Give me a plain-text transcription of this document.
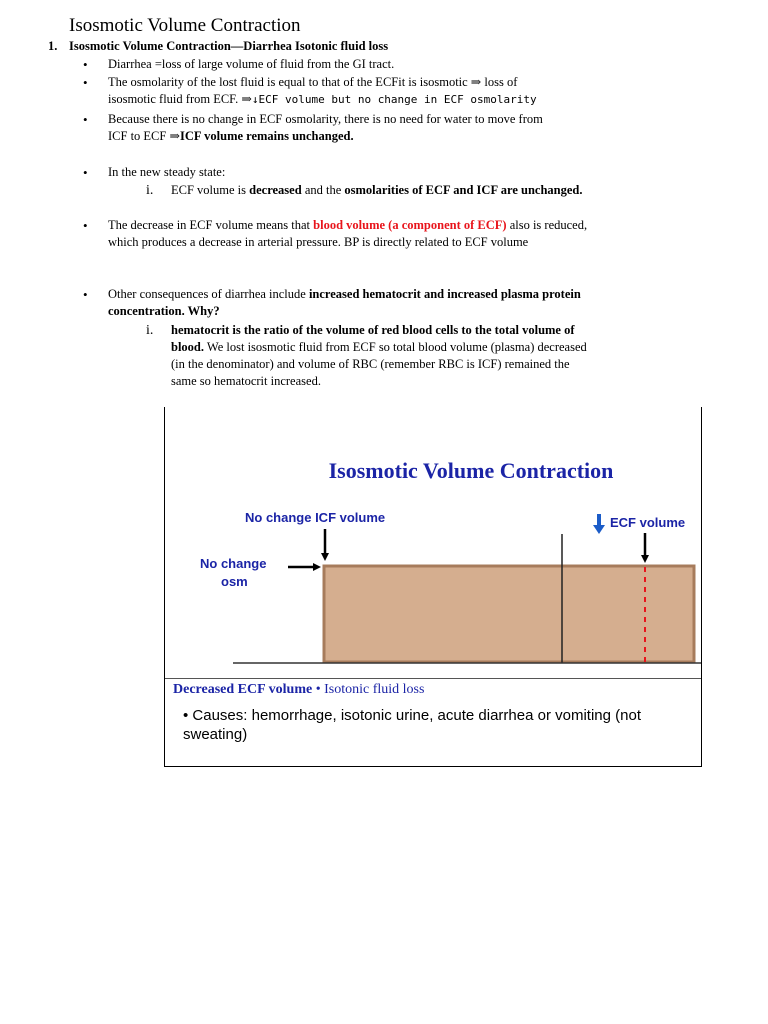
Isosmotic Volume Contraction
1. Isosmotic Volume Contraction—Diarrhea Isotonic fluid loss
• Diarrhea =loss of large volume of fluid from the GI tract.
• The osmolarity of the lost fluid is equal to that of the ECFit is isosmotic ⇒ loss of
isosmotic fluid from ECF. ⇒↓ECF volume but no change in ECF osmolarity
• Because there is no change in ECF osmolarity, there is no need for water to move from
ICF to ECF ⇒ICF volume remains unchanged.
• In the new steady state:
i. ECF volume is decreased and the osmolarities of ECF and ICF are unchanged.
• The decrease in ECF volume means that blood volume (a component of ECF) also is reduced, which produces a decrease in arterial pressure. BP is directly related to ECF volume
• Other consequences of diarrhea include increased hematocrit and increased plasma protein concentration. Why?
i. hematocrit is the ratio of the volume of red blood cells to the total volume of blood. We lost isosmotic fluid from ECF so total blood volume (plasma) decreased (in the denominator) and volume of RBC (remember RBC is ICF) remained the same so hematocrit increased.
Isosmotic Volume Contraction
No change ICF volume	ECF volume
No change
osm
Decreased ECF volume • Isotonic fluid loss
• Causes: hemorrhage, isotonic urine, acute diarrhea or vomiting (not sweating)
